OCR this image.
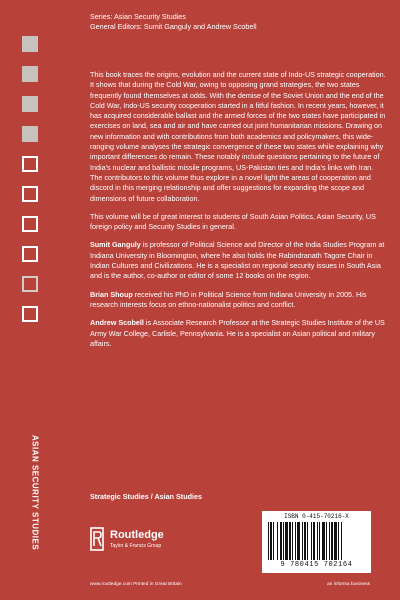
Series: Asian Security Studies
General Editors: Sumit Ganguly and Andrew Scobell

This book traces the origins, evolution and the current state of Indo-US strategic cooperation. It shows that during the Cold War, owing to opposing grand strategies, the two states frequently found themselves at odds. With the demise of the Soviet Union and the end of the Cold War, Indo-US security cooperation started in a fitful fashion. In recent years, however, it has acquired considerable ballast and the armed forces of the two states have participated in exercises on land, sea and air and have carried out joint humanitarian missions. Drawing on new information and with contributions from both academics and policymakers, this wide-ranging volume analyses the strategic convergence of these two states while explaining why important differences do remain. These notably include questions pertaining to the future of India's nuclear and ballistic missile programs, US-Pakistan ties and India's links with Iran. The contributors to this volume thus explore in a novel light the areas of cooperation and discord in this merging relationship and offer suggestions for expanding the scope and dimensions of future collaboration.

This volume will be of great interest to students of South Asian Politics, Asian Security, US foreign policy and Security Studies in general.

Sumit Ganguly is professor of Political Science and Director of the India Studies Program at Indiana University in Bloomington, where he also holds the Rabindranath Tagore Chair in Indian Cultures and Civilizations. He is a specialist on regional security issues in South Asia and is the author, co-author or editor of some 12 books on the region.

Brian Shoup received his PhD in Political Science from Indiana University in 2005. His research interests focus on ethno-nationalist politics and conflict.

Andrew Scobell is Associate Research Professor at the Strategic Studies Institute of the US Army War College, Carlisle, Pennsylvania. He is a specialist on Asian political and military affairs.

ASIAN SECURITY STUDIES	Strategic Studies / Asian Studies
Routledge
Taylor & Francis Group
www.routledge.com Printed in Great Britain	an informa business
ISBN 0-415-70216-X
9 780415 702164
